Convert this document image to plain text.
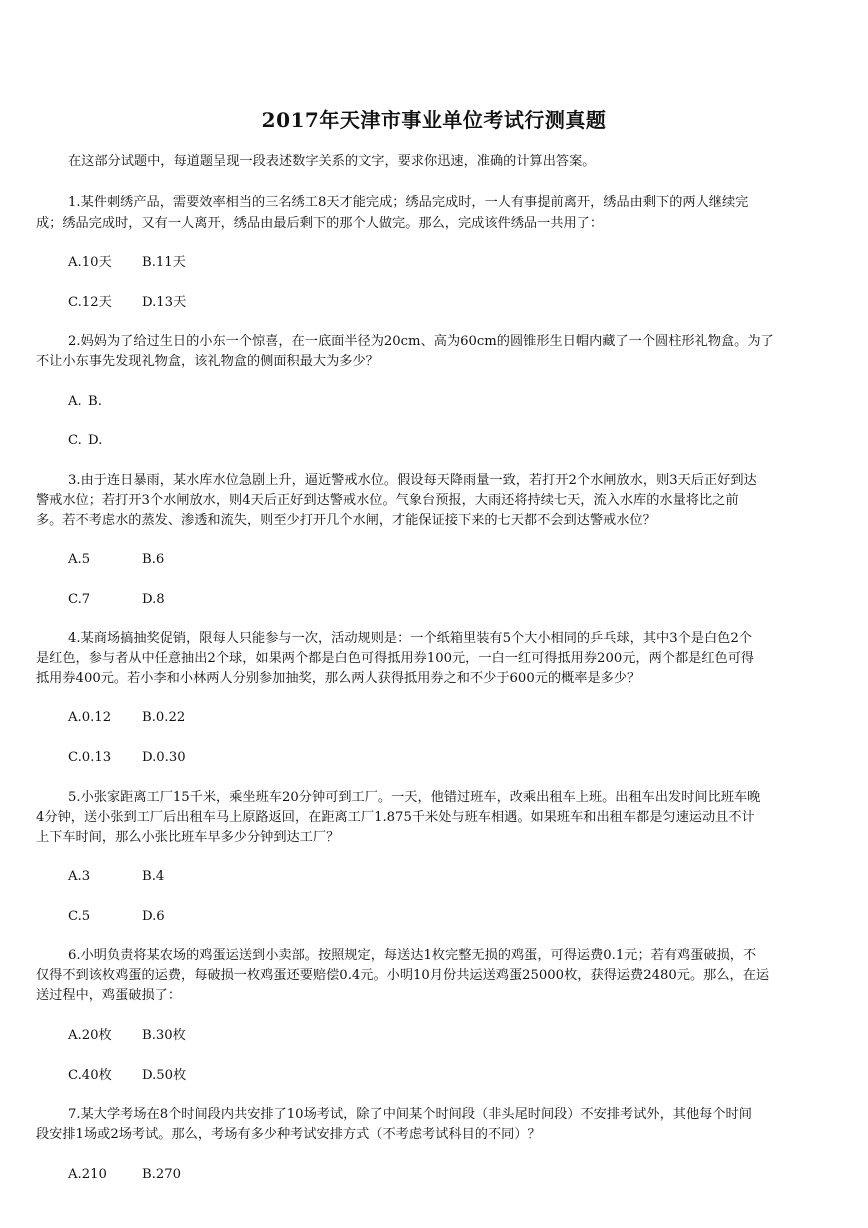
2017年天津市事业单位考试行测真题
在这部分试题中，每道题呈现一段表述数字关系的文字，要求你迅速，准确的计算出答案。
1.某件刺绣产品，需要效率相当的三名绣工8天才能完成；绣品完成时，一人有事提前离开，绣品由剩下的两人继续完
成；绣品完成时，又有一人离开，绣品由最后剩下的那个人做完。那么，完成该件绣品一共用了：
A.10天 B.11天
C.12天 D.13天
2.妈妈为了给过生日的小东一个惊喜，在一底面半径为20cm、高为60cm的圆锥形生日帽内藏了一个圆柱形礼物盒。为了
不让小东事先发现礼物盒，该礼物盒的侧面积最大为多少？
A. B.
C. D.
3.由于连日暴雨，某水库水位急剧上升，逼近警戒水位。假设每天降雨量一致，若打开2个水闸放水，则3天后正好到达
警戒水位；若打开3个水闸放水，则4天后正好到达警戒水位。气象台预报，大雨还将持续七天，流入水库的水量将比之前
多。若不考虑水的蒸发、渗透和流失，则至少打开几个水闸，才能保证接下来的七天都不会到达警戒水位？
A.5	B.6
C.7	D.8
4.某商场搞抽奖促销，限每人只能参与一次，活动规则是：一个纸箱里装有5个大小相同的乒乓球，其中3个是白色2个
是红色，参与者从中任意抽出2个球，如果两个都是白色可得抵用券100元，一白一红可得抵用券200元，两个都是红色可得
抵用券400元。若小李和小林两人分别参加抽奖，那么两人获得抵用券之和不少于600元的概率是多少？
A.0.12 B.0.22
C.0.13 D.0.30
5.小张家距离工厂15千米，乘坐班车20分钟可到工厂。一天，他错过班车，改乘出租车上班。出租车出发时间比班车晚
4分钟，送小张到工厂后出租车马上原路返回，在距离工厂1.875千米处与班车相遇。如果班车和出租车都是匀速运动且不计
上下车时间，那么小张比班车早多少分钟到达工厂？
A.3	B.4
C.5	D.6
6.小明负责将某农场的鸡蛋运送到小卖部。按照规定，每送达1枚完整无损的鸡蛋，可得运费0.1元；若有鸡蛋破损，不
仅得不到该枚鸡蛋的运费，每破损一枚鸡蛋还要赔偿0.4元。小明10月份共运送鸡蛋25000枚，获得运费2480元。那么，在运
送过程中，鸡蛋破损了：
A.20枚 B.30枚
C.40枚 D.50枚
7.某大学考场在8个时间段内共安排了10场考试，除了中间某个时间段（非头尾时间段）不安排考试外，其他每个时间
段安排1场或2场考试。那么，考场有多少种考试安排方式（不考虑考试科目的不同）？
A.210	B.270
